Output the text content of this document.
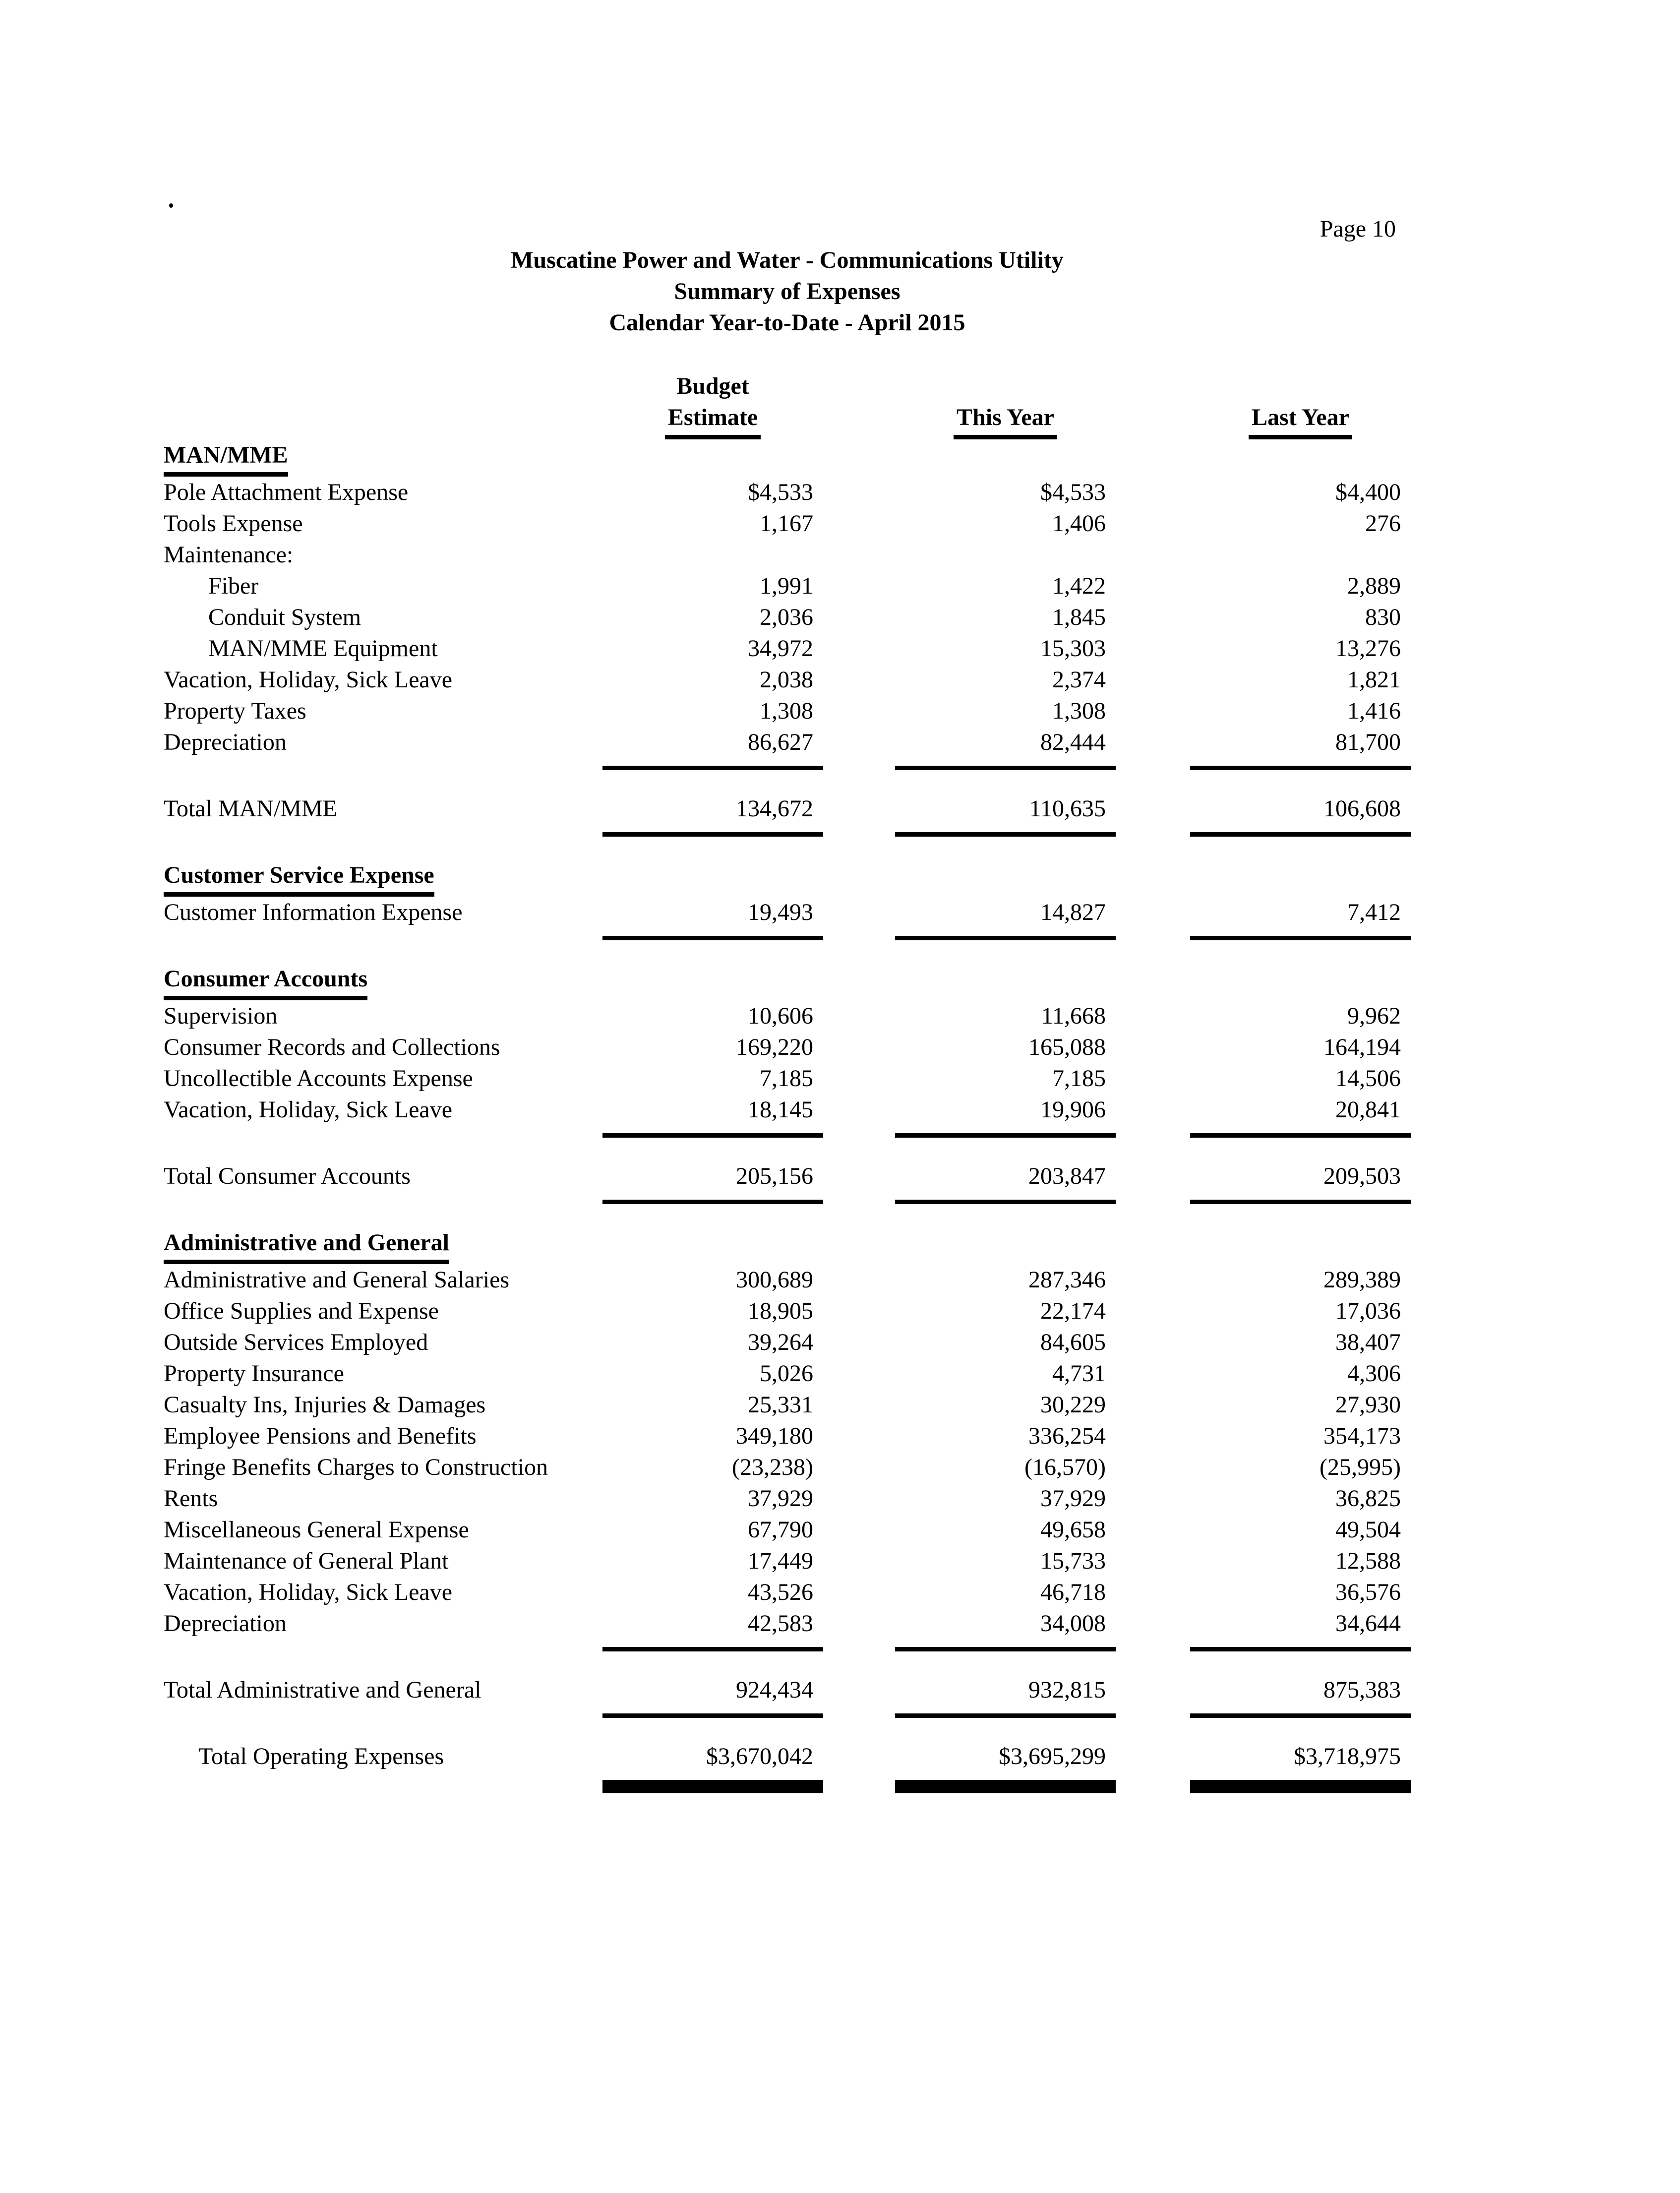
Page 10
Muscatine Power and Water - Communications Utility
Summary of Expenses
Calendar Year-to-Date - April 2015
Budget
Estimate	This Year	Last Year
MAN/MME
Pole Attachment Expense	$4,533	$4,533	$4,400
Tools Expense	1,167	1,406	276
Maintenance:
Fiber	1,991	1,422	2,889
Conduit System	2,036	1,845	830
MAN/MME Equipment	34,972	15,303	13,276
Vacation, Holiday, Sick Leave	2,038	2,374	1,821
Property Taxes	1,308	1,308	1,416
Depreciation	86,627	82,444	81,700
Total MAN/MME	134,672	110,635	106,608
Customer Service Expense
Customer Information Expense	19,493	14,827	7,412
Consumer Accounts
Supervision	10,606	11,668	9,962
Consumer Records and Collections	169,220	165,088	164,194
Uncollectible Accounts Expense	7,185	7,185	14,506
Vacation, Holiday, Sick Leave	18,145	19,906	20,841
Total Consumer Accounts	205,156	203,847	209,503
Administrative and General
Administrative and General Salaries	300,689	287,346	289,389
Office Supplies and Expense	18,905	22,174	17,036
Outside Services Employed	39,264	84,605	38,407
Property Insurance	5,026	4,731	4,306
Casualty Ins, Injuries & Damages	25,331	30,229	27,930
Employee Pensions and Benefits	349,180	336,254	354,173
Fringe Benefits Charges to Construction	(23,238)	(16,570)	(25,995)
Rents	37,929	37,929	36,825
Miscellaneous General Expense	67,790	49,658	49,504
Maintenance of General Plant	17,449	15,733	12,588
Vacation, Holiday, Sick Leave	43,526	46,718	36,576
Depreciation	42,583	34,008	34,644
Total Administrative and General	924,434	932,815	875,383
Total Operating Expenses	$3,670,042	$3,695,299	$3,718,975
